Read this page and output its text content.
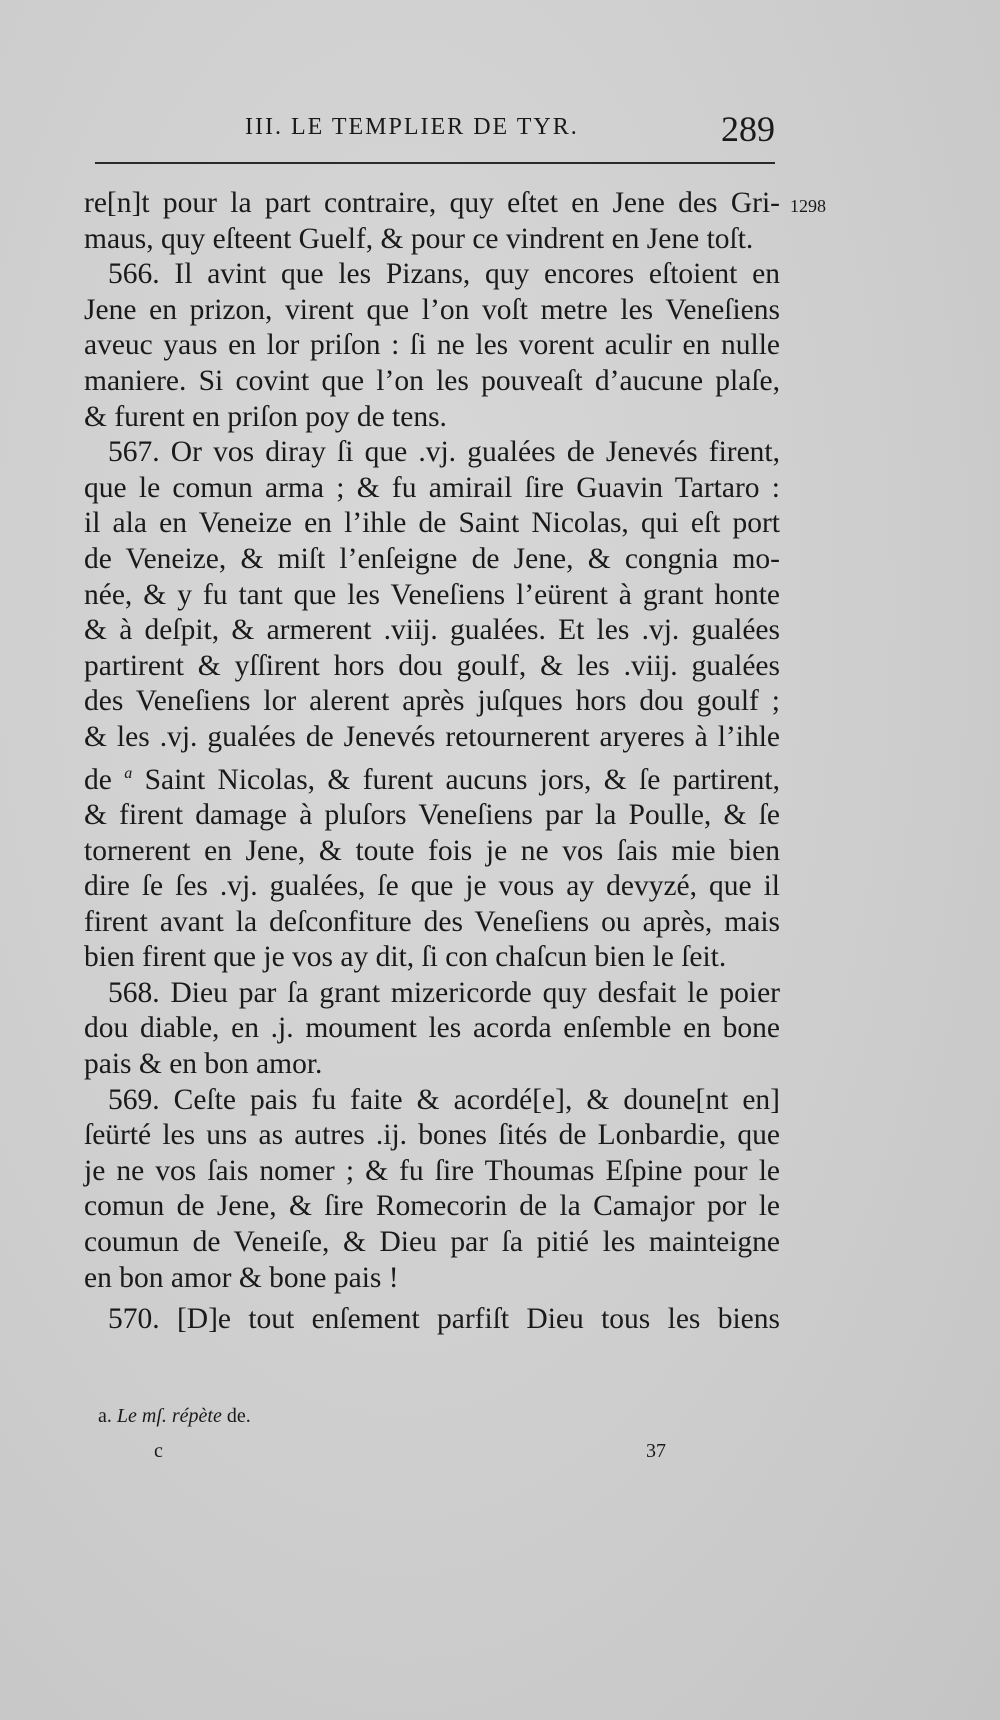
III. LE TEMPLIER DE TYR.	289
1298
re[n]t pour la part contraire, quy eſtet en Jene des Gri-
maus, quy eſteent Guelf, & pour ce vindrent en Jene toſt.
566. Il avint que les Pizans, quy encores eſtoient en
Jene en prizon, virent que l’on voſt metre les Veneſiens
aveuc yaus en lor priſon : ſi ne les vorent aculir en nulle
maniere. Si covint que l’on les pouveaſt d’aucune plaſe,
& furent en priſon poy de tens.
567. Or vos diray ſi que .vj. gualées de Jenevés firent,
que le comun arma ; & fu amirail ſire Guavin Tartaro :
il ala en Veneize en l’ihle de Saint Nicolas, qui eſt port
de Veneize, & miſt l’enſeigne de Jene, & congnia mo-
née, & y fu tant que les Veneſiens l’eürent à grant honte
& à deſpit, & armerent .viij. gualées. Et les .vj. gualées
partirent & yſſirent hors dou goulf, & les .viij. gualées
des Veneſiens lor alerent après juſques hors dou goulf ;
& les .vj. gualées de Jenevés retournerent aryeres à l’ihle
de $^a$ Saint Nicolas, & furent aucuns jors, & ſe partirent,
& firent damage à pluſors Veneſiens par la Poulle, & ſe
tornerent en Jene, & toute fois je ne vos ſais mie bien
dire ſe ſes .vj. gualées, ſe que je vous ay devyzé, que il
firent avant la deſconfiture des Veneſiens ou après, mais
bien firent que je vos ay dit, ſi con chaſcun bien le ſeit.
568. Dieu par ſa grant mizericorde quy desfait le poier
dou diable, en .j. moument les acorda enſemble en bone
pais & en bon amor.
569. Ceſte pais fu faite & acordé[e], & doune[nt en]
ſeürté les uns as autres .ij. bones ſités de Lonbardie, que
je ne vos ſais nomer ; & fu ſire Thoumas Eſpine pour le
comun de Jene, & ſire Romecorin de la Camajor por le
coumun de Veneiſe, & Dieu par ſa pitié les mainteigne
en bon amor & bone pais !
570. [D]e tout enſement parfiſt Dieu tous les biens
a. Le mſ. répète de.
c	37
